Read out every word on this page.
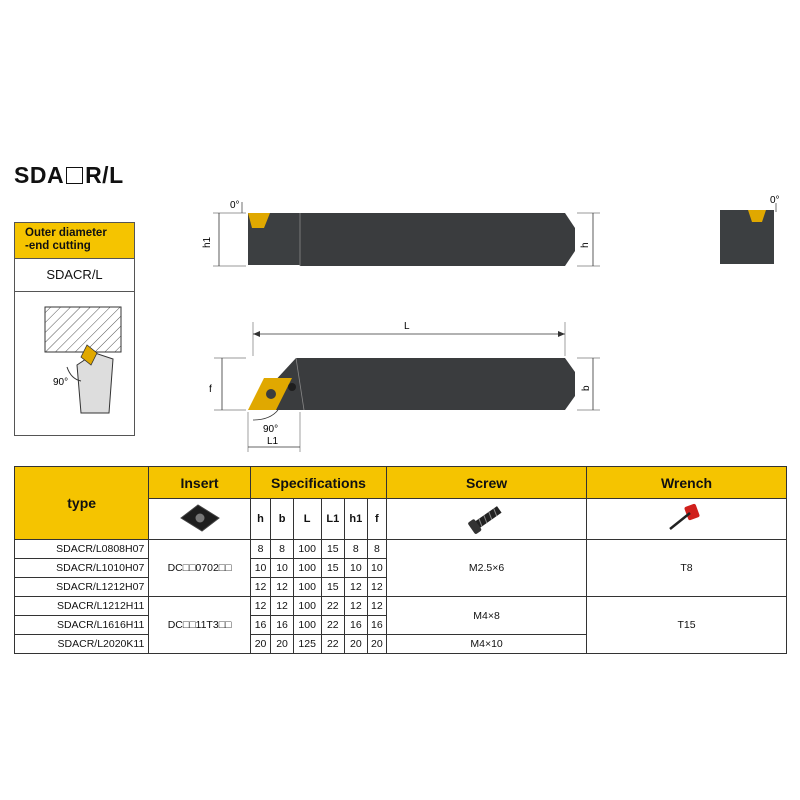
SDA R/L
Outer diameter
-end cutting
SDACR/L
90°
h1	h
0°	0°
L
f	b
90°
L1
type	Insert	Specifications						Screw	Wrench
	h	b	L	L1	h1	f		
SDACR/L0808H07	DC□□0702□□	8	8	100	15	8	8	M2.5×6	T8
SDACR/L1010H07		10	10	100	15	10	10		
SDACR/L1212H07		12	12	100	15	12	12		
SDACR/L1212H11	DC□□11T3□□	12	12	100	22	12	12	M4×8	T15
SDACR/L1616H11		16	16	100	22	16	16		
SDACR/L2020K11		20	20	125	22	20	20	M4×10	
